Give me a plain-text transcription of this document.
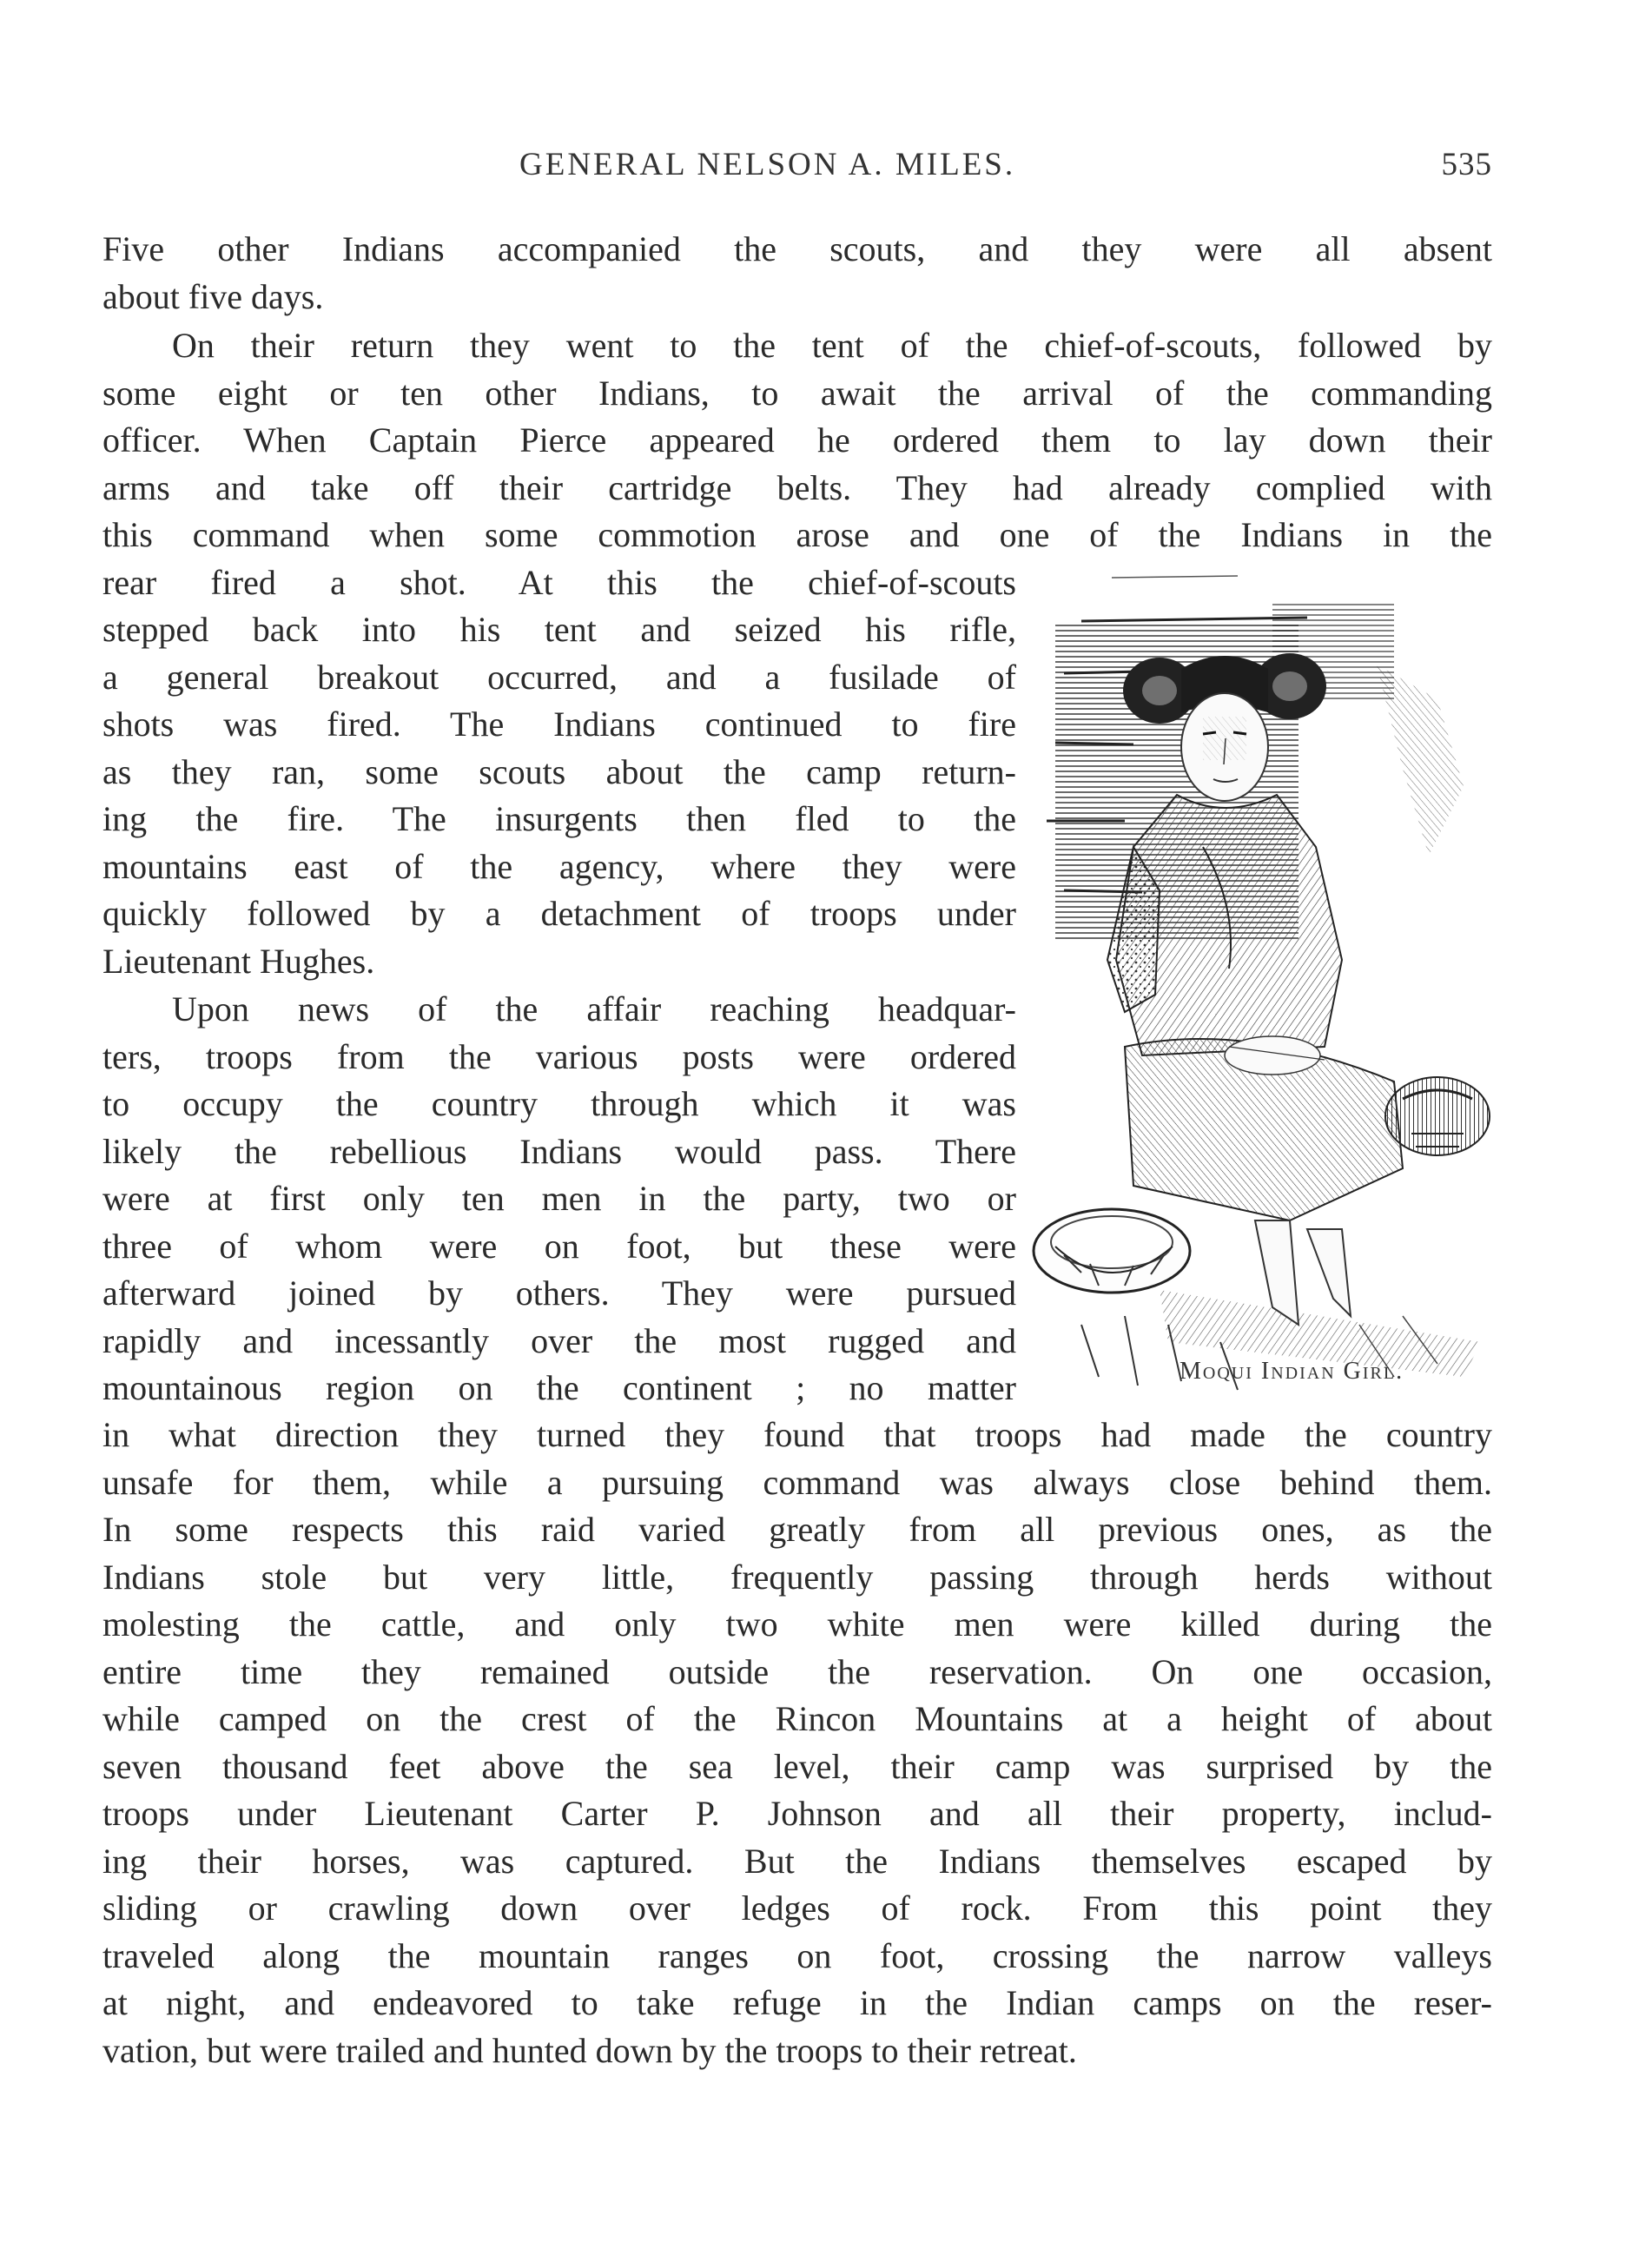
GENERAL NELSON A. MILES.	535
Five other Indians accompanied the scouts, and they were all absent
about five days.
On their return they went to the tent of the chief-of-scouts, followed by
some eight or ten other Indians, to await the arrival of the commanding
officer. When Captain Pierce appeared he ordered them to lay down their
arms and take off their cartridge belts. They had already complied with
this command when some commotion arose and one of the Indians in the
rear fired a shot. At this the chief-of-scouts
stepped back into his tent and seized his rifle,
a general breakout occurred, and a fusilade of
shots was fired. The Indians continued to fire
as they ran, some scouts about the camp return-
ing the fire. The insurgents then fled to the
mountains east of the agency, where they were
quickly followed by a detachment of troops under
Lieutenant Hughes.
Upon news of the affair reaching headquar-
ters, troops from the various posts were ordered
to occupy the country through which it was
likely the rebellious Indians would pass. There
were at first only ten men in the party, two or
three of whom were on foot, but these were
afterward joined by others. They were pursued
rapidly and incessantly over the most rugged and
mountainous region on the continent ; no matter
in what direction they turned they found that troops had made the country
unsafe for them, while a pursuing command was always close behind them.
In some respects this raid varied greatly from all previous ones, as the
Indians stole but very little, frequently passing through herds without
molesting the cattle, and only two white men were killed during the
entire time they remained outside the reservation. On one occasion,
while camped on the crest of the Rincon Mountains at a height of about
seven thousand feet above the sea level, their camp was surprised by the
troops under Lieutenant Carter P. Johnson and all their property, includ-
ing their horses, was captured. But the Indians themselves escaped by
sliding or crawling down over ledges of rock. From this point they
traveled along the mountain ranges on foot, crossing the narrow valleys
at night, and endeavored to take refuge in the Indian camps on the reser-
vation, but were trailed and hunted down by the troops to their retreat.
Moqui Indian Girl.
